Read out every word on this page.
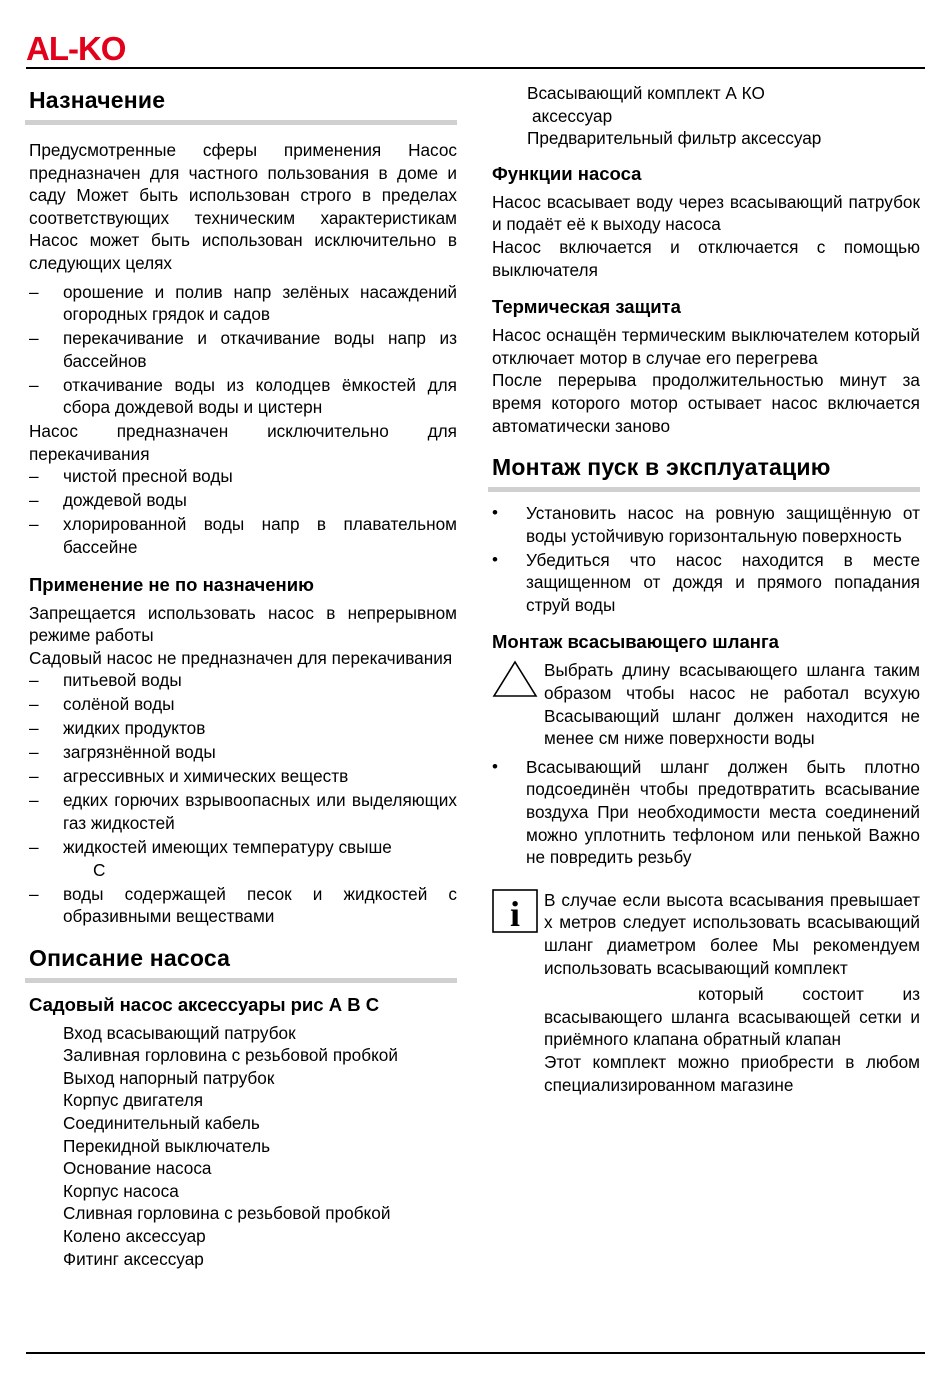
AL-KO
Назначение
Предусмотренные сферы применения Насос предназначен для частного пользования в доме и саду Может быть использован строго в пределах соответствующих техническим характеристикам Насос может быть использован исключительно в следующих целях
– орошение и полив напр зелёных насаждений огородных грядок и садов
– перекачивание и откачивание воды напр из бассейнов
– откачивание воды из колодцев ёмкостей для сбора дождевой воды и цистерн
Насос предназначен исключительно для перекачивания
– чистой пресной воды
– дождевой воды
– хлорированной воды напр в плавательном бассейне
Применение не по назначению
Запрещается использовать насос в непрерывном режиме работы
Садовый насос не предназначен для перекачивания
– питьевой воды
– солёной воды
– жидких продуктов
– загрязнённой воды
– агрессивных и химических веществ
– едких горючих взрывоопасных или выделяющих газ жидкостей
– жидкостей имеющих температуру свыше
С
– воды содержащей песок и жидкостей с образивными веществами
Описание насоса
Садовый насос аксессуары рис А В С
Вход всасывающий патрубок
Заливная горловина с резьбовой пробкой
Выход напорный патрубок
Корпус двигателя
Соединительный кабель
Перекидной выключатель
Основание насоса
Корпус насоса
Сливная горловина с резьбовой пробкой
Колено аксессуар
Фитинг аксессуар
Всасывающий комплект А КО
аксессуар
Предварительный фильтр аксессуар
Функции насоса
Насос всасывает воду через всасывающий патрубок и подаёт её к выходу насоса
Насос включается и отключается с помощью выключателя
Термическая защита
Насос оснащён термическим выключателем который отключает мотор в случае его перегрева
После перерыва продолжительностью минут за время которого мотор остывает насос включается автоматически заново
Монтаж пуск в эксплуатацию
• Установить насос на ровную защищённую от воды устойчивую горизонтальную поверхность
• Убедиться что насос находится в месте защищенном от дождя и прямого попадания струй воды
Монтаж всасывающего шланга
Выбрать длину всасывающего шланга таким образом чтобы насос не работал всухую Всасывающий шланг должен находится не менее см ниже поверхности воды
• Всасывающий шланг должен быть плотно подсоединён чтобы предотвратить всасывание воздуха При необходимости места соединений можно уплотнить тефлоном или пенькой Важно не повредить резьбу
i В случае если высота всасывания превышает х метров следует использовать всасывающий шланг диаметром более Мы рекомендуем использовать всасывающий комплект
который состоит из всасывающего шланга всасывающей сетки и приёмного клапана обратный клапан
Этот комплект можно приобрести в любом специализированном магазине
